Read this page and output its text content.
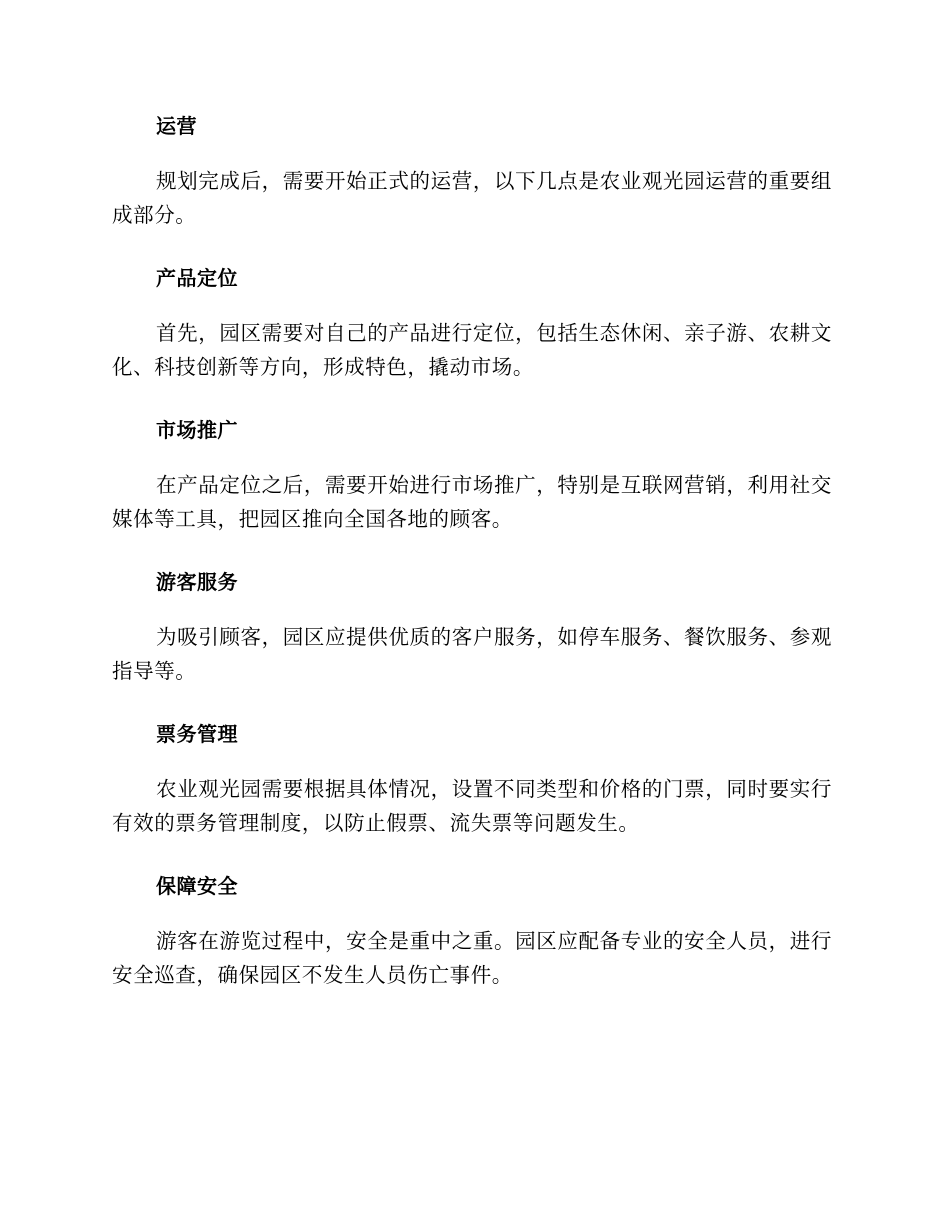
运营

规划完成后，需要开始正式的运营，以下几点是农业观光园运营的重要组成部分。

产品定位

首先，园区需要对自己的产品进行定位，包括生态休闲、亲子游、农耕文化、科技创新等方向，形成特色，撬动市场。

市场推广

在产品定位之后，需要开始进行市场推广，特别是互联网营销，利用社交媒体等工具，把园区推向全国各地的顾客。

游客服务

为吸引顾客，园区应提供优质的客户服务，如停车服务、餐饮服务、参观指导等。

票务管理

农业观光园需要根据具体情况，设置不同类型和价格的门票，同时要实行有效的票务管理制度，以防止假票、流失票等问题发生。

保障安全

游客在游览过程中，安全是重中之重。园区应配备专业的安全人员，进行安全巡查，确保园区不发生人员伤亡事件。
